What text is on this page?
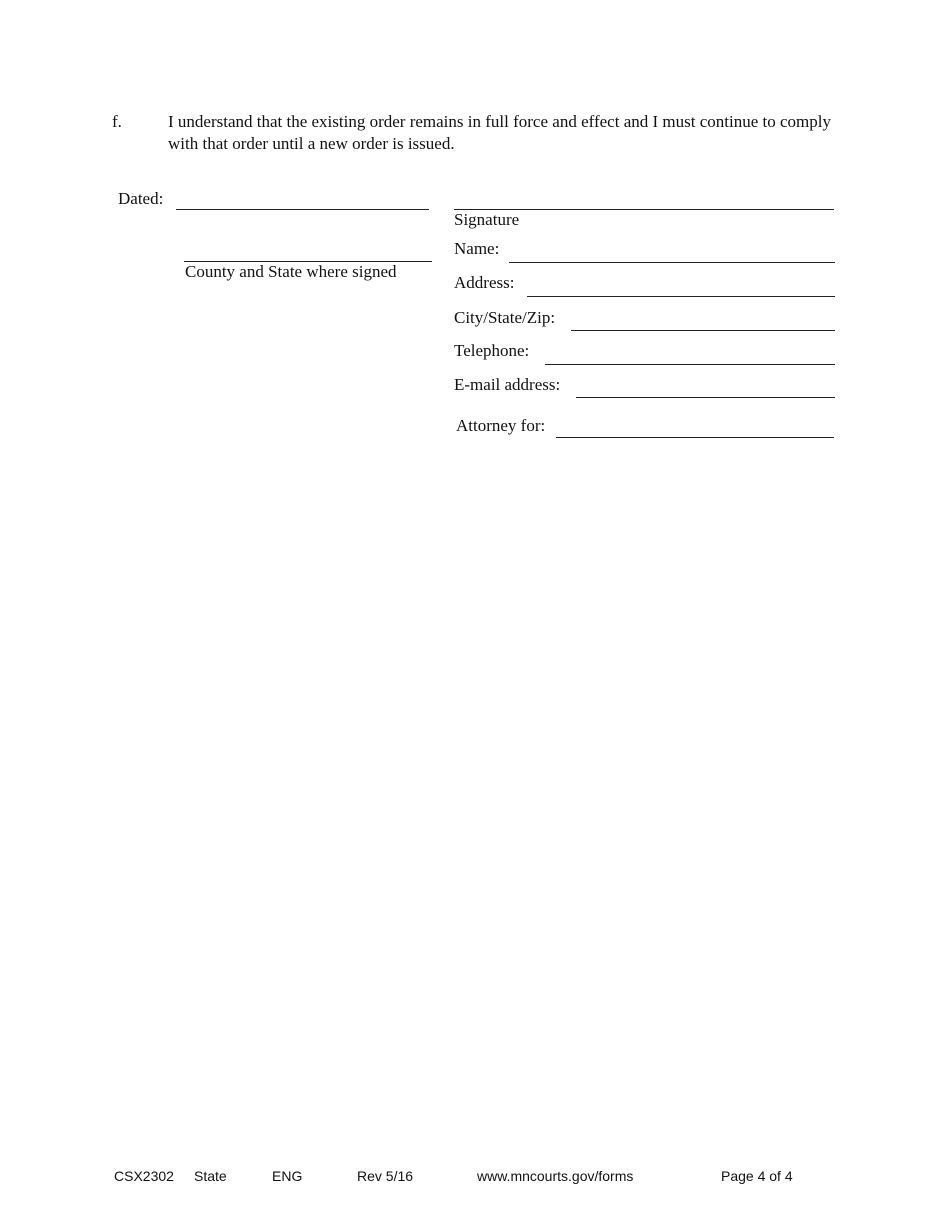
f.	I understand that the existing order remains in full force and effect and I must continue to comply with that order until a new order is issued.
Dated:
County and State where signed
Signature
Name:
Address:
City/State/Zip:
Telephone:
E-mail address:
Attorney for:
CSX2302 State	ENG	Rev 5/16	www.mncourts.gov/forms	Page 4 of 4
